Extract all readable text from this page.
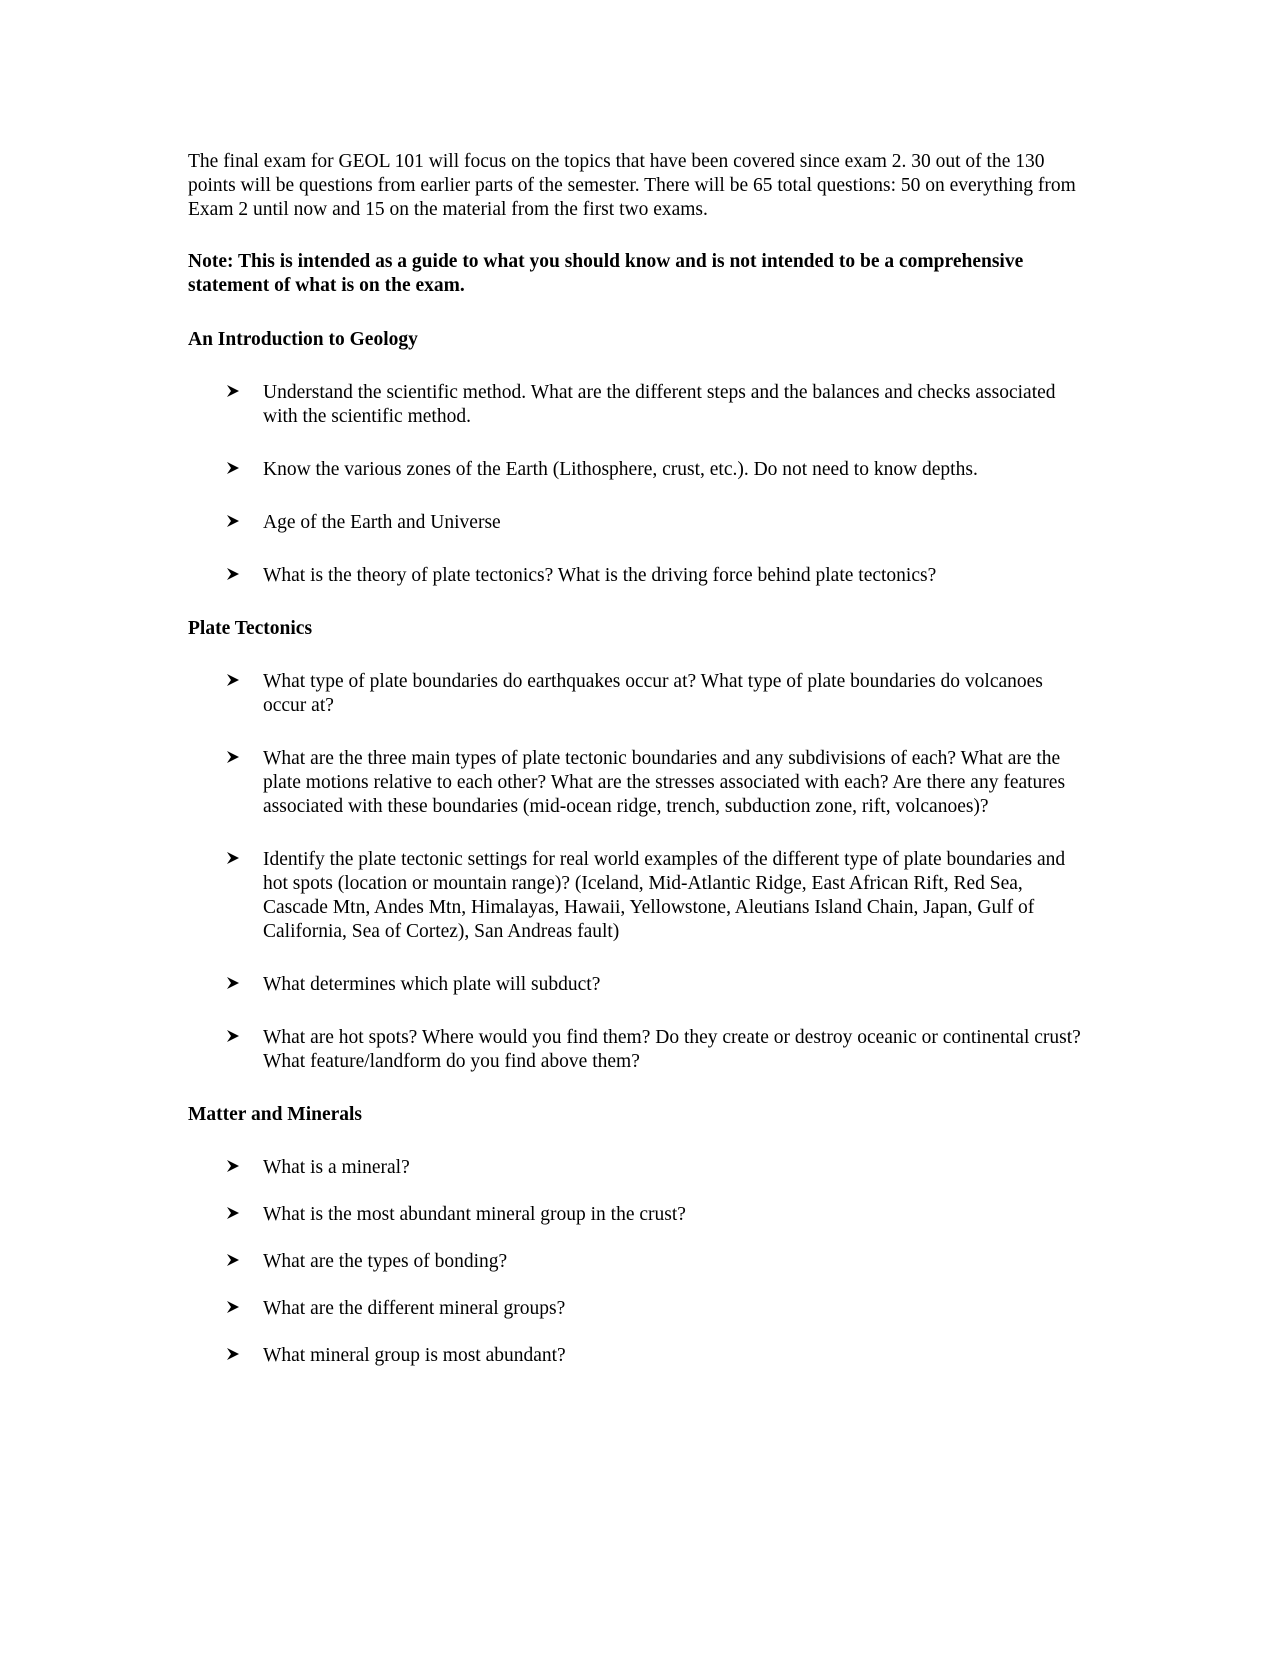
The final exam for GEOL 101 will focus on the topics that have been covered since exam 2. 30 out of the 130 points will be questions from earlier parts of the semester. There will be 65 total questions: 50 on everything from Exam 2 until now and 15 on the material from the first two exams.

Note: This is intended as a guide to what you should know and is not intended to be a comprehensive statement of what is on the exam.

An Introduction to Geology

Understand the scientific method. What are the different steps and the balances and checks associated with the scientific method.
Know the various zones of the Earth (Lithosphere, crust, etc.). Do not need to know depths.
Age of the Earth and Universe
What is the theory of plate tectonics? What is the driving force behind plate tectonics?

Plate Tectonics

What type of plate boundaries do earthquakes occur at? What type of plate boundaries do volcanoes occur at?
What are the three main types of plate tectonic boundaries and any subdivisions of each? What are the plate motions relative to each other? What are the stresses associated with each? Are there any features associated with these boundaries (mid-ocean ridge, trench, subduction zone, rift, volcanoes)?
Identify the plate tectonic settings for real world examples of the different type of plate boundaries and hot spots (location or mountain range)? (Iceland, Mid-Atlantic Ridge, East African Rift, Red Sea, Cascade Mtn, Andes Mtn, Himalayas, Hawaii, Yellowstone, Aleutians Island Chain, Japan, Gulf of California, Sea of Cortez), San Andreas fault)
What determines which plate will subduct?
What are hot spots? Where would you find them? Do they create or destroy oceanic or continental crust? What feature/landform do you find above them?

Matter and Minerals

What is a mineral?
What is the most abundant mineral group in the crust?
What are the types of bonding?
What are the different mineral groups?
What mineral group is most abundant?
